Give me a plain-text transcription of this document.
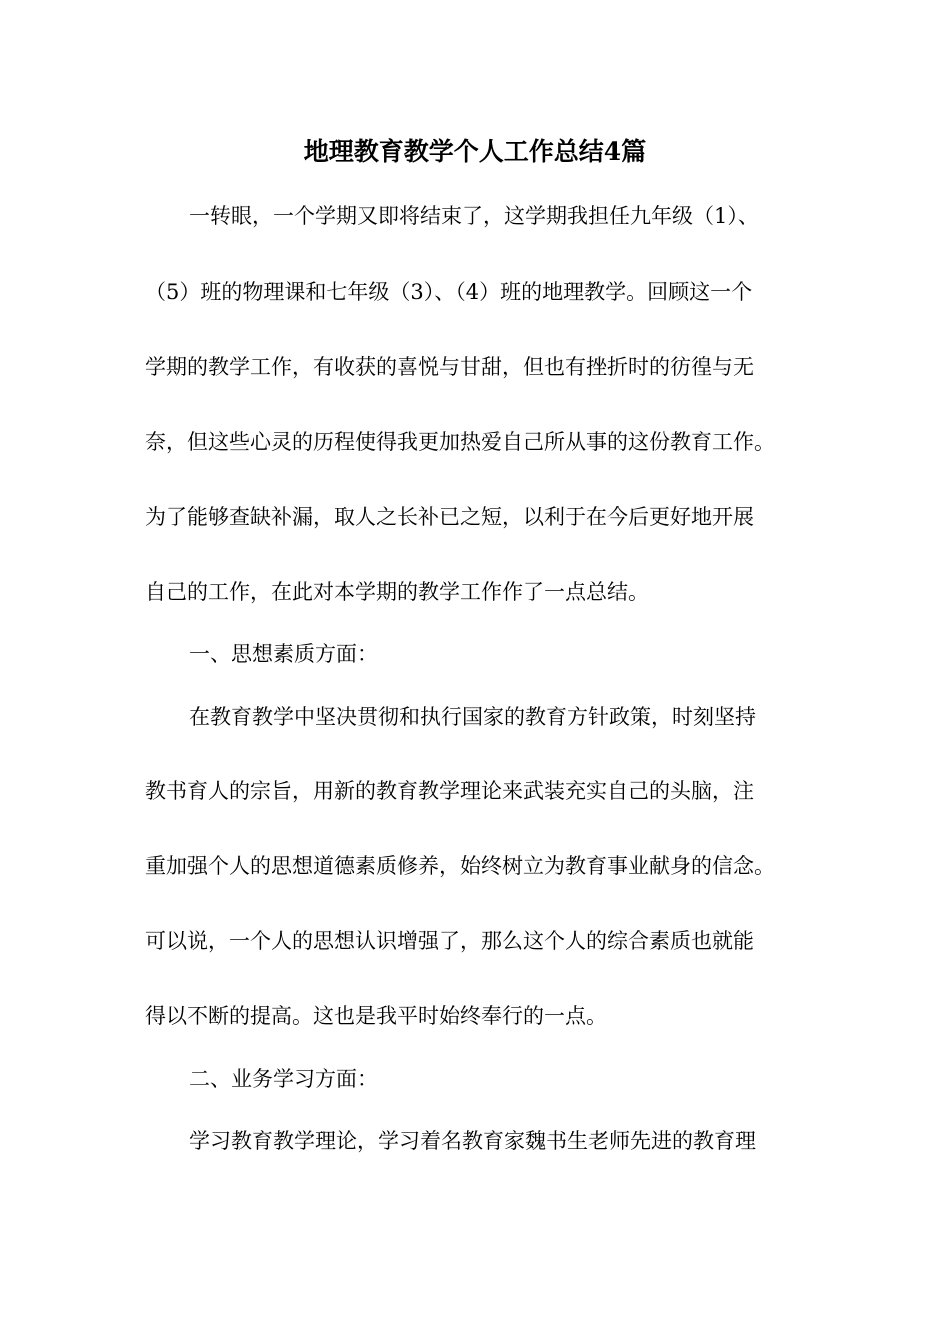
地理教育教学个人工作总结4篇
一转眼，一个学期又即将结束了，这学期我担任九年级（1）、
（5）班的物理课和七年级（3）、（4）班的地理教学。回顾这一个
学期的教学工作，有收获的喜悦与甘甜，但也有挫折时的彷徨与无
奈，但这些心灵的历程使得我更加热爱自己所从事的这份教育工作。
为了能够查缺补漏，取人之长补已之短，以利于在今后更好地开展
自己的工作，在此对本学期的教学工作作了一点总结。
一、思想素质方面：
在教育教学中坚决贯彻和执行国家的教育方针政策，时刻坚持
教书育人的宗旨，用新的教育教学理论来武装充实自己的头脑，注
重加强个人的思想道德素质修养，始终树立为教育事业献身的信念。
可以说，一个人的思想认识增强了，那么这个人的综合素质也就能
得以不断的提高。这也是我平时始终奉行的一点。
二、业务学习方面：
学习教育教学理论，学习着名教育家魏书生老师先进的教育理
